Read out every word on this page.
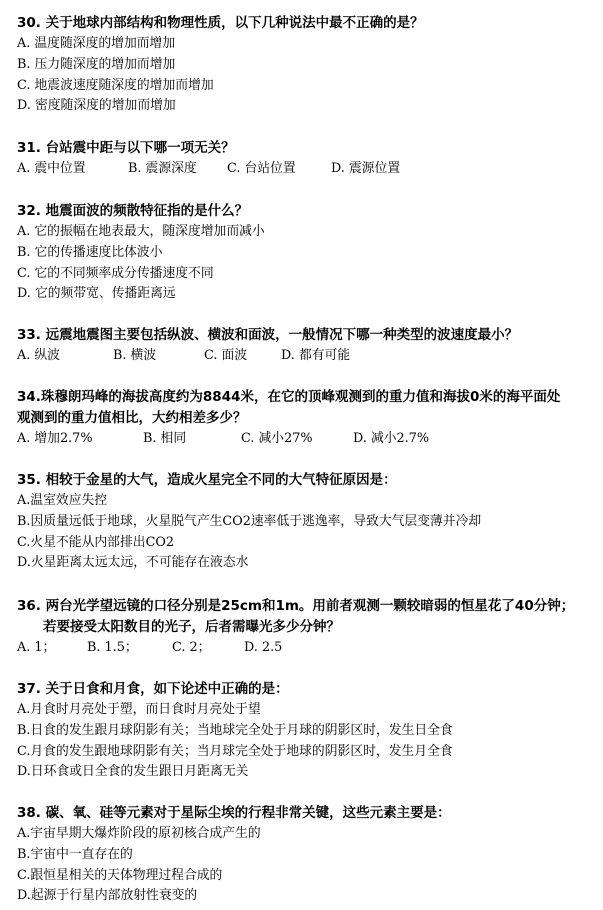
30. 关于地球内部结构和物理性质，以下几种说法中最不正确的是？
A. 温度随深度的增加而增加
B. 压力随深度的增加而增加
C. 地震波速度随深度的增加而增加
D. 密度随深度的增加而增加
31. 台站震中距与以下哪一项无关？
A. 震中位置	B. 震源深度 C. 台站位置	D. 震源位置
32. 地震面波的频散特征指的是什么？
A. 它的振幅在地表最大，随深度增加而减小
B. 它的传播速度比体波小
C. 它的不同频率成分传播速度不同
D. 它的频带宽、传播距离远
33. 远震地震图主要包括纵波、横波和面波，一般情况下哪一种类型的波速度最小？
A. 纵波	B. 横波	C. 面波	D. 都有可能
34.珠穆朗玛峰的海拔高度约为8844米，在它的顶峰观测到的重力值和海拔0米的海平面处
观测到的重力值相比，大约相差多少？
A. 增加2.7%	B. 相同	C. 减小27%	D. 减小2.7%
35. 相较于金星的大气，造成火星完全不同的大气特征原因是：
A.温室效应失控
B.因质量远低于地球，火星脱气产生CO2速率低于逃逸率，导致大气层变薄并冷却
C.火星不能从内部排出CO2
D.火星距离太远太远，不可能存在液态水
36. 两台光学望远镜的口径分别是25cm和1m。用前者观测一颗较暗弱的恒星花了40分钟；
若要接受太阳数目的光子，后者需曝光多少分钟？
A. 1； B. 1.5；	C. 2；	D. 2.5
37. 关于日食和月食，如下论述中正确的是：
A.月食时月亮处于塑，而日食时月亮处于望
B.日食的发生跟月球阴影有关；当地球完全处于月球的阴影区时，发生日全食
C.月食的发生跟地球阴影有关；当月球完全处于地球的阴影区时，发生月全食
D.日环食或日全食的发生跟日月距离无关
38. 碳、氧、硅等元素对于星际尘埃的行程非常关键，这些元素主要是：
A.宇宙早期大爆炸阶段的原初核合成产生的
B.宇宙中一直存在的
C.跟恒星相关的天体物理过程合成的
D.起源于行星内部放射性衰变的
